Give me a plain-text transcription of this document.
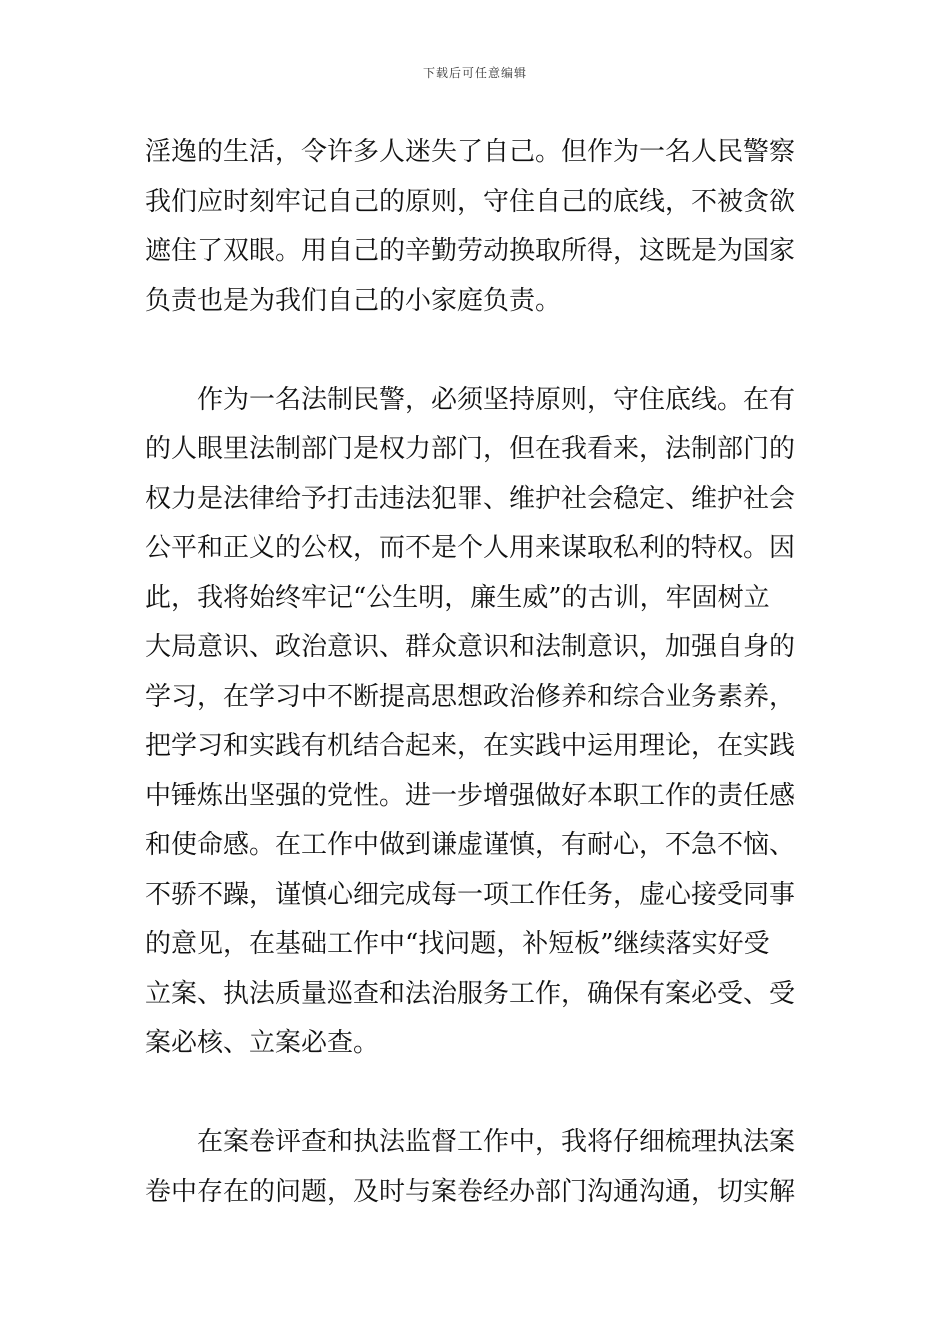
下载后可任意编辑
淫逸的生活，令许多人迷失了自己。但作为一名人民警察
我们应时刻牢记自己的原则，守住自己的底线，不被贪欲
遮住了双眼。用自己的辛勤劳动换取所得，这既是为国家
负责也是为我们自己的小家庭负责。
　　作为一名法制民警，必须坚持原则，守住底线。在有
的人眼里法制部门是权力部门，但在我看来，法制部门的
权力是法律给予打击违法犯罪、维护社会稳定、维护社会
公平和正义的公权，而不是个人用来谋取私利的特权。因
此，我将始终牢记“公生明，廉生威”的古训，牢固树立
大局意识、政治意识、群众意识和法制意识，加强自身的
学习，在学习中不断提高思想政治修养和综合业务素养，
把学习和实践有机结合起来，在实践中运用理论，在实践
中锤炼出坚强的党性。进一步增强做好本职工作的责任感
和使命感。在工作中做到谦虚谨慎，有耐心，不急不恼、
不骄不躁，谨慎心细完成每一项工作任务，虚心接受同事
的意见，在基础工作中“找问题，补短板”继续落实好受
立案、执法质量巡查和法治服务工作，确保有案必受、受
案必核、立案必查。
　　在案卷评查和执法监督工作中，我将仔细梳理执法案
卷中存在的问题，及时与案卷经办部门沟通沟通，切实解
